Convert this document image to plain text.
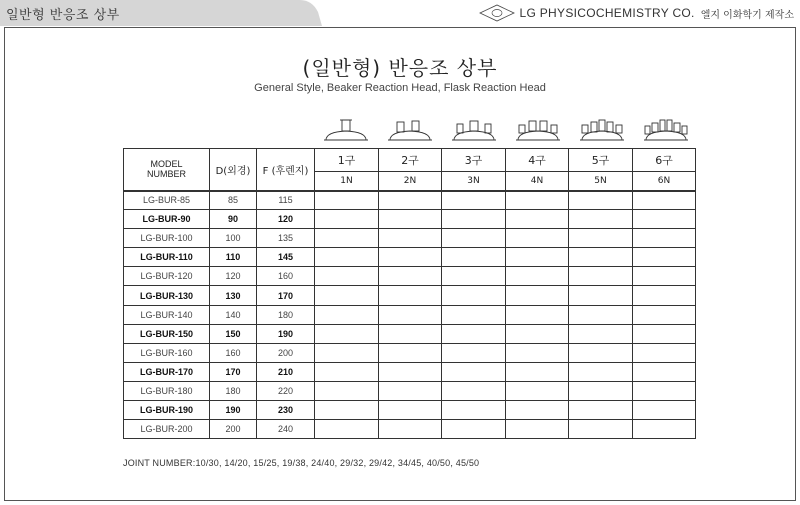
일반형 반응조 상부	LG PHYSICOCHEMISTRY CO. 엘지 이화학기 제작소
(일반형) 반응조 상부
General Style, Beaker Reaction Head, Flask Reaction Head
MODEL
NUMBER	D(외경)	F (후렌지)	1구	2구	3구	4구	5구	6구
			1N	2N	3N	4N	5N	6N
LG-BUR-85	85	115						
LG-BUR-90	90	120						
LG-BUR-100	100	135						
LG-BUR-110	110	145						
LG-BUR-120	120	160						
LG-BUR-130	130	170						
LG-BUR-140	140	180						
LG-BUR-150	150	190						
LG-BUR-160	160	200						
LG-BUR-170	170	210						
LG-BUR-180	180	220						
LG-BUR-190	190	230						
LG-BUR-200	200	240						
JOINT NUMBER:10/30, 14/20, 15/25, 19/38, 24/40, 29/32, 29/42, 34/45, 40/50, 45/50
